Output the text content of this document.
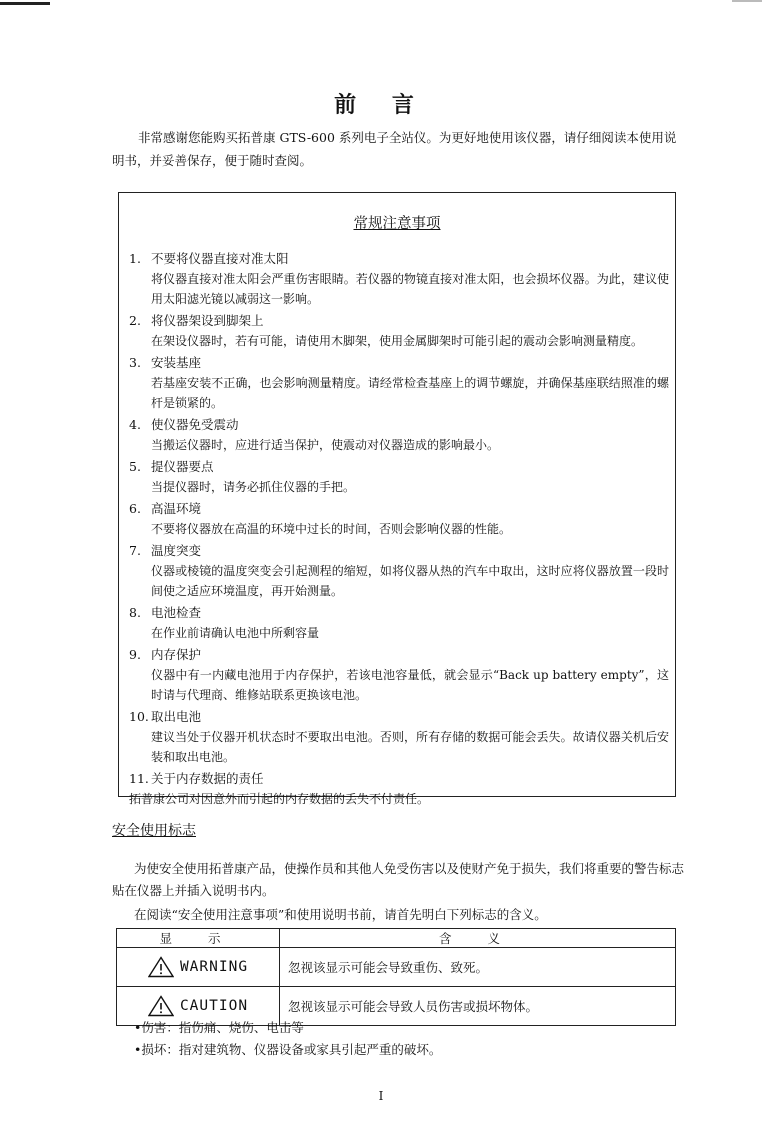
前 言
非常感谢您能购买拓普康 GTS-600 系列电子全站仪。为更好地使用该仪器，请仔细阅读本使用说明书，并妥善保存，便于随时查阅。
常规注意事项
1. 不要将仪器直接对准太阳
将仪器直接对准太阳会严重伤害眼睛。若仪器的物镜直接对准太阳，也会损坏仪器。为此，建议使用太阳滤光镜以减弱这一影响。
2. 将仪器架设到脚架上
在架设仪器时，若有可能，请使用木脚架，使用金属脚架时可能引起的震动会影响测量精度。
3. 安装基座
若基座安装不正确，也会影响测量精度。请经常检查基座上的调节螺旋，并确保基座联结照准的螺杆是锁紧的。
4. 使仪器免受震动
当搬运仪器时，应进行适当保护，使震动对仪器造成的影响最小。
5. 提仪器要点
当提仪器时，请务必抓住仪器的手把。
6. 高温环境
不要将仪器放在高温的环境中过长的时间，否则会影响仪器的性能。
7. 温度突变
仪器或棱镜的温度突变会引起测程的缩短，如将仪器从热的汽车中取出，这时应将仪器放置一段时间使之适应环境温度，再开始测量。
8. 电池检查
在作业前请确认电池中所剩容量
9. 内存保护
仪器中有一内藏电池用于内存保护，若该电池容量低，就会显示“Back up battery empty”，这时请与代理商、维修站联系更换该电池。
10. 取出电池
建议当处于仪器开机状态时不要取出电池。否则，所有存储的数据可能会丢失。故请仪器关机后安装和取出电池。
11. 关于内存数据的责任
拓普康公司对因意外而引起的内存数据的丢失不付责任。
安全使用标志
为使安全使用拓普康产品，使操作员和其他人免受伤害以及使财产免于损失，我们将重要的警告标志贴在仪器上并插入说明书内。
在阅读“安全使用注意事项”和使用说明书前，请首先明白下列标志的含义。
显 示	含 义
WARNING	忽视该显示可能会导致重伤、致死。
CAUTION	忽视该显示可能会导致人员伤害或损坏物体。
•伤害：指伤痛、烧伤、电击等
•损坏：指对建筑物、仪器设备或家具引起严重的破坏。
I
